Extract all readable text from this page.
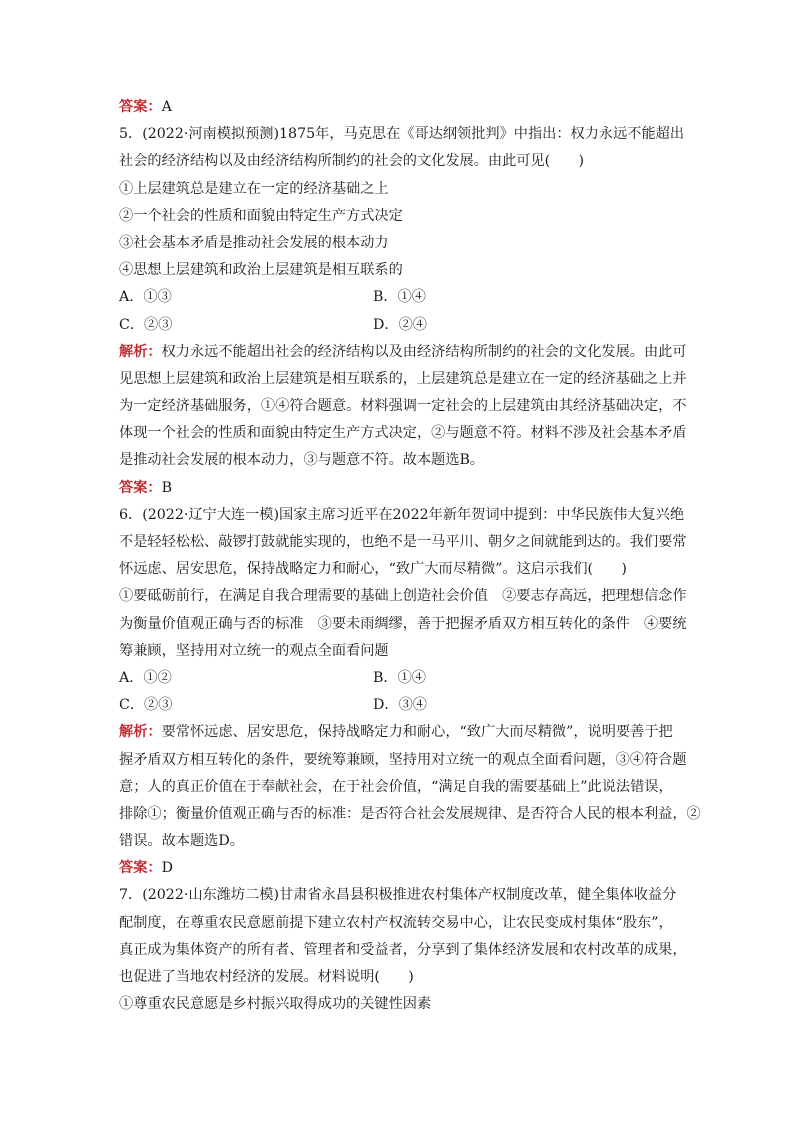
答案：A
5．(2022·河南模拟预测)1875年，马克思在《哥达纲领批判》中指出：权力永远不能超出
社会的经济结构以及由经济结构所制约的社会的文化发展。由此可见(　　)
①上层建筑总是建立在一定的经济基础之上
②一个社会的性质和面貌由特定生产方式决定
③社会基本矛盾是推动社会发展的根本动力
④思想上层建筑和政治上层建筑是相互联系的
A．①③	B．①④
C．②③	D．②④
解析：权力永远不能超出社会的经济结构以及由经济结构所制约的社会的文化发展。由此可
见思想上层建筑和政治上层建筑是相互联系的，上层建筑总是建立在一定的经济基础之上并
为一定经济基础服务，①④符合题意。材料强调一定社会的上层建筑由其经济基础决定，不
体现一个社会的性质和面貌由特定生产方式决定，②与题意不符。材料不涉及社会基本矛盾
是推动社会发展的根本动力，③与题意不符。故本题选B。
答案：B
6．(2022·辽宁大连一模)国家主席习近平在2022年新年贺词中提到：中华民族伟大复兴绝
不是轻轻松松、敲锣打鼓就能实现的，也绝不是一马平川、朝夕之间就能到达的。我们要常
怀远虑、居安思危，保持战略定力和耐心，“致广大而尽精微”。这启示我们(　　)
①要砥砺前行，在满足自我合理需要的基础上创造社会价值　②要志存高远，把理想信念作
为衡量价值观正确与否的标准　③要未雨绸缪，善于把握矛盾双方相互转化的条件　④要统
筹兼顾，坚持用对立统一的观点全面看问题
A．①②	B．①④
C．②③	D．③④
解析：要常怀远虑、居安思危，保持战略定力和耐心，“致广大而尽精微”，说明要善于把
握矛盾双方相互转化的条件，要统筹兼顾，坚持用对立统一的观点全面看问题，③④符合题
意；人的真正价值在于奉献社会，在于社会价值，“满足自我的需要基础上”此说法错误，
排除①；衡量价值观正确与否的标准：是否符合社会发展规律、是否符合人民的根本利益，②
错误。故本题选D。
答案：D
7．(2022·山东潍坊二模)甘肃省永昌县积极推进农村集体产权制度改革，健全集体收益分
配制度，在尊重农民意愿前提下建立农村产权流转交易中心，让农民变成村集体“股东”，
真正成为集体资产的所有者、管理者和受益者，分享到了集体经济发展和农村改革的成果，
也促进了当地农村经济的发展。材料说明(　　)
①尊重农民意愿是乡村振兴取得成功的关键性因素
